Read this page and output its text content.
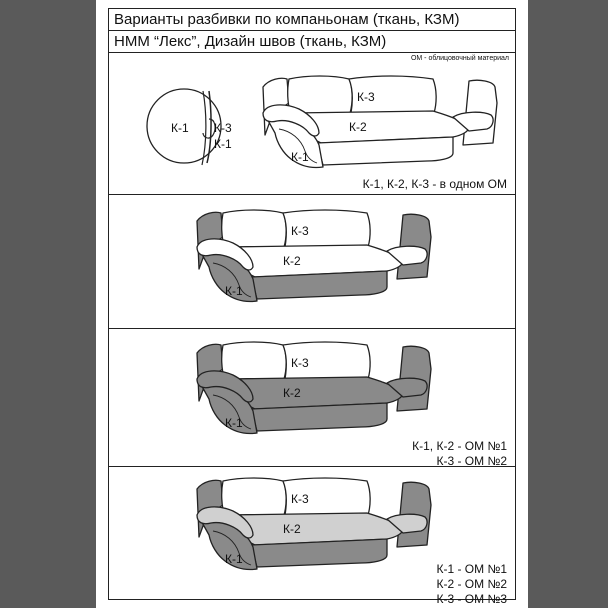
Варианты разбивки по компаньонам (ткань, КЗМ)
НММ “Лекс”, Дизайн швов (ткань, КЗМ)
ОМ - облицовочный материал
К-1 К-3
К-1
К-3
К-2
К-1
К-3
К-2
К-1
К-3
К-2
К-1
К-3
К-2
К-1
К-1, К-2, К-3 - в одном ОМ
К-1, К-2 - ОМ №1
К-3 - ОМ №2
К-1 - ОМ №1
К-2 - ОМ №2
К-3 - ОМ №3
